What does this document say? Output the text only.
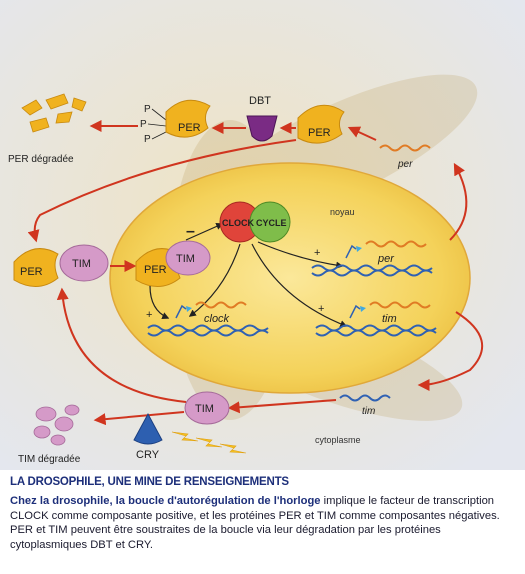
noyau
cytoplasme
PER dégradée
P
P
P
PER
DBT
PER
per
PER
TIM	PER
TIM
–	CLOCK CYCLE
+	per
+
tim
+	clock
tim
TIM
TIM dégradée	CRY
LA DROSOPHILE, UNE MINE DE RENSEIGNEMENTS
Chez la drosophile, la boucle d'autorégulation de l'horloge implique le facteur de transcription CLOCK comme composante positive, et les protéines PER et TIM comme composantes négatives. PER et TIM peuvent être soustraites de la boucle via leur dégradation par les protéines cytoplasmiques DBT et CRY.
